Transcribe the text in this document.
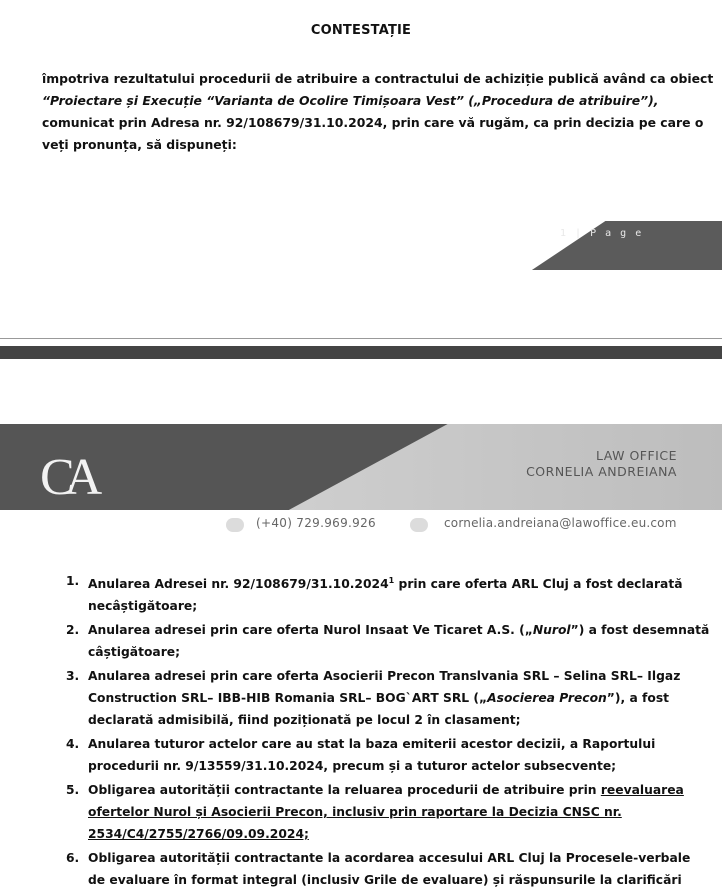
CONTESTAȚIE

împotriva rezultatului procedurii de atribuire a contractului de achiziție publică având ca obiect

“Proiectare și Execuție “Varianta de Ocolire Timișoara Vest” („Procedura de atribuire”),

comunicat prin Adresa nr. 92/108679/31.10.2024, prin care vă rugăm, ca prin decizia pe care o

veți pronunța, să dispuneți:

1 | P a g e
CA	LAW OFFICE
CORNELIA ANDREIANA
(+40) 729.969.926	cornelia.andreiana@lawoffice.eu.com
1. Anularea Adresei nr. 92/108679/31.10.2024$^1$ prin care oferta ARL Cluj a fost declarată
necâștigătoare;
2. Anularea adresei prin care oferta Nurol Insaat Ve Ticaret A.S. („Nurol”) a fost desemnată
câștigătoare;
3. Anularea adresei prin care oferta Asocierii Precon Translvania SRL – Selina SRL– Ilgaz
Construction SRL– IBB-HIB Romania SRL– BOG`ART SRL („Asocierea Precon”), a fost
declarată admisibilă, fiind poziționată pe locul 2 în clasament;
4. Anularea tuturor actelor care au stat la baza emiterii acestor decizii, a Raportului
procedurii nr. 9/13559/31.10.2024, precum și a tuturor actelor subsecvente;
5. Obligarea autorității contractante la reluarea procedurii de atribuire prin reevaluarea
ofertelor Nurol și Asocierii Precon, inclusiv prin raportare la Decizia CNSC nr.
2534/C4/2755/2766/09.09.2024;
6. Obligarea autorității contractante la acordarea accesului ARL Cluj la Procesele-verbale
de evaluare în format integral (inclusiv Grile de evaluare) și răspunsurile la clarificări
